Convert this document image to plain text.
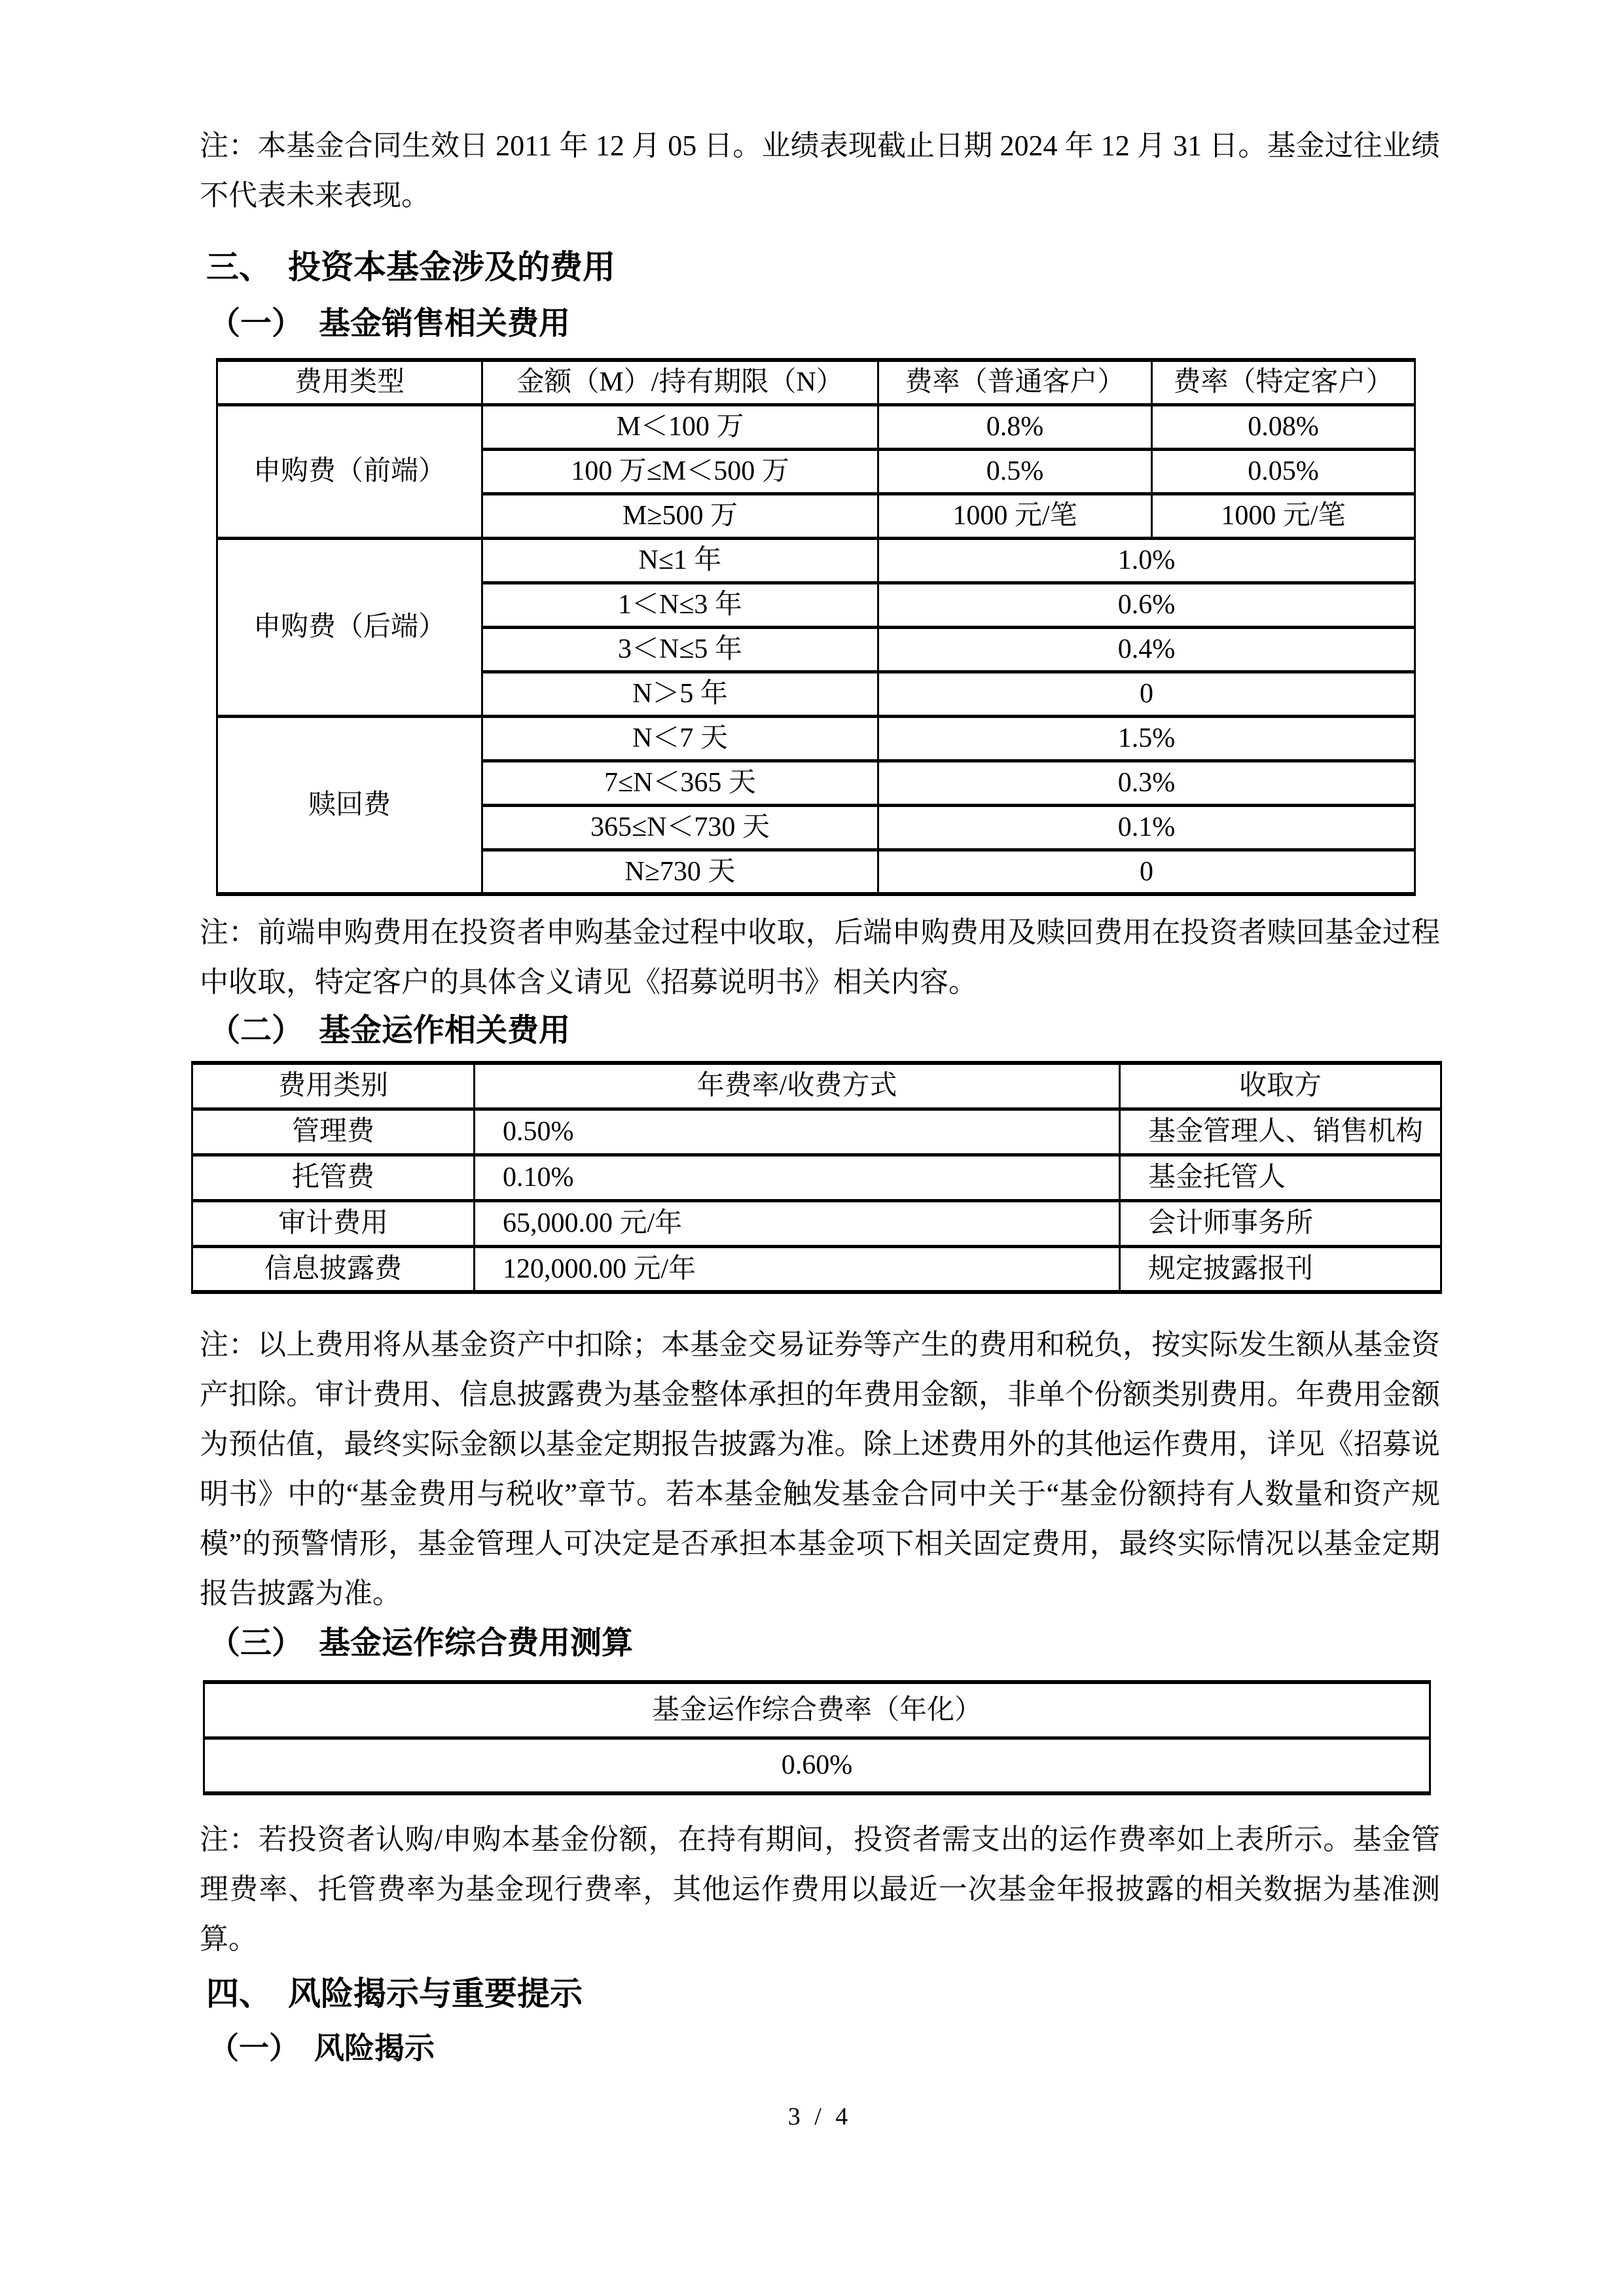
注：本基金合同生效日 2011 年 12 月 05 日。业绩表现截止日期 2024 年 12 月 31 日。基金过往业绩不代表未来表现。

三、　投资本基金涉及的费用
（一）　基金销售相关费用
费用类型	金额（M）/持有期限（N）	费率（普通客户）	费率（特定客户）
申购费（前端）	M＜100 万	0.8%	0.08%
	100 万≤M＜500 万	0.5%	0.05%
	M≥500 万	1000 元/笔	1000 元/笔
申购费（后端）	N≤1 年	1.0%	
	1＜N≤3 年	0.6%	
	3＜N≤5 年	0.4%	
	N＞5 年	0	
赎回费	N＜7 天	1.5%	
	7≤N＜365 天	0.3%	
	365≤N＜730 天	0.1%	
	N≥730 天	0	

注：前端申购费用在投资者申购基金过程中收取，后端申购费用及赎回费用在投资者赎回基金过程中收取，特定客户的具体含义请见《招募说明书》相关内容。

（二）　基金运作相关费用
费用类别	年费率/收费方式	收取方
管理费	0.50%	基金管理人、销售机构
托管费	0.10%	基金托管人
审计费用	65,000.00 元/年	会计师事务所
信息披露费	120,000.00 元/年	规定披露报刊

注：以上费用将从基金资产中扣除；本基金交易证券等产生的费用和税负，按实际发生额从基金资产扣除。审计费用、信息披露费为基金整体承担的年费用金额，非单个份额类别费用。年费用金额为预估值，最终实际金额以基金定期报告披露为准。除上述费用外的其他运作费用，详见《招募说明书》中的“基金费用与税收”章节。若本基金触发基金合同中关于“基金份额持有人数量和资产规模”的预警情形，基金管理人可决定是否承担本基金项下相关固定费用，最终实际情况以基金定期报告披露为准。

（三）　基金运作综合费用测算
基金运作综合费率（年化）
0.60%

注：若投资者认购/申购本基金份额，在持有期间，投资者需支出的运作费率如上表所示。基金管理费率、托管费率为基金现行费率，其他运作费用以最近一次基金年报披露的相关数据为基准测算。

四、　风险揭示与重要提示
（一）　风险揭示
3 / 4
